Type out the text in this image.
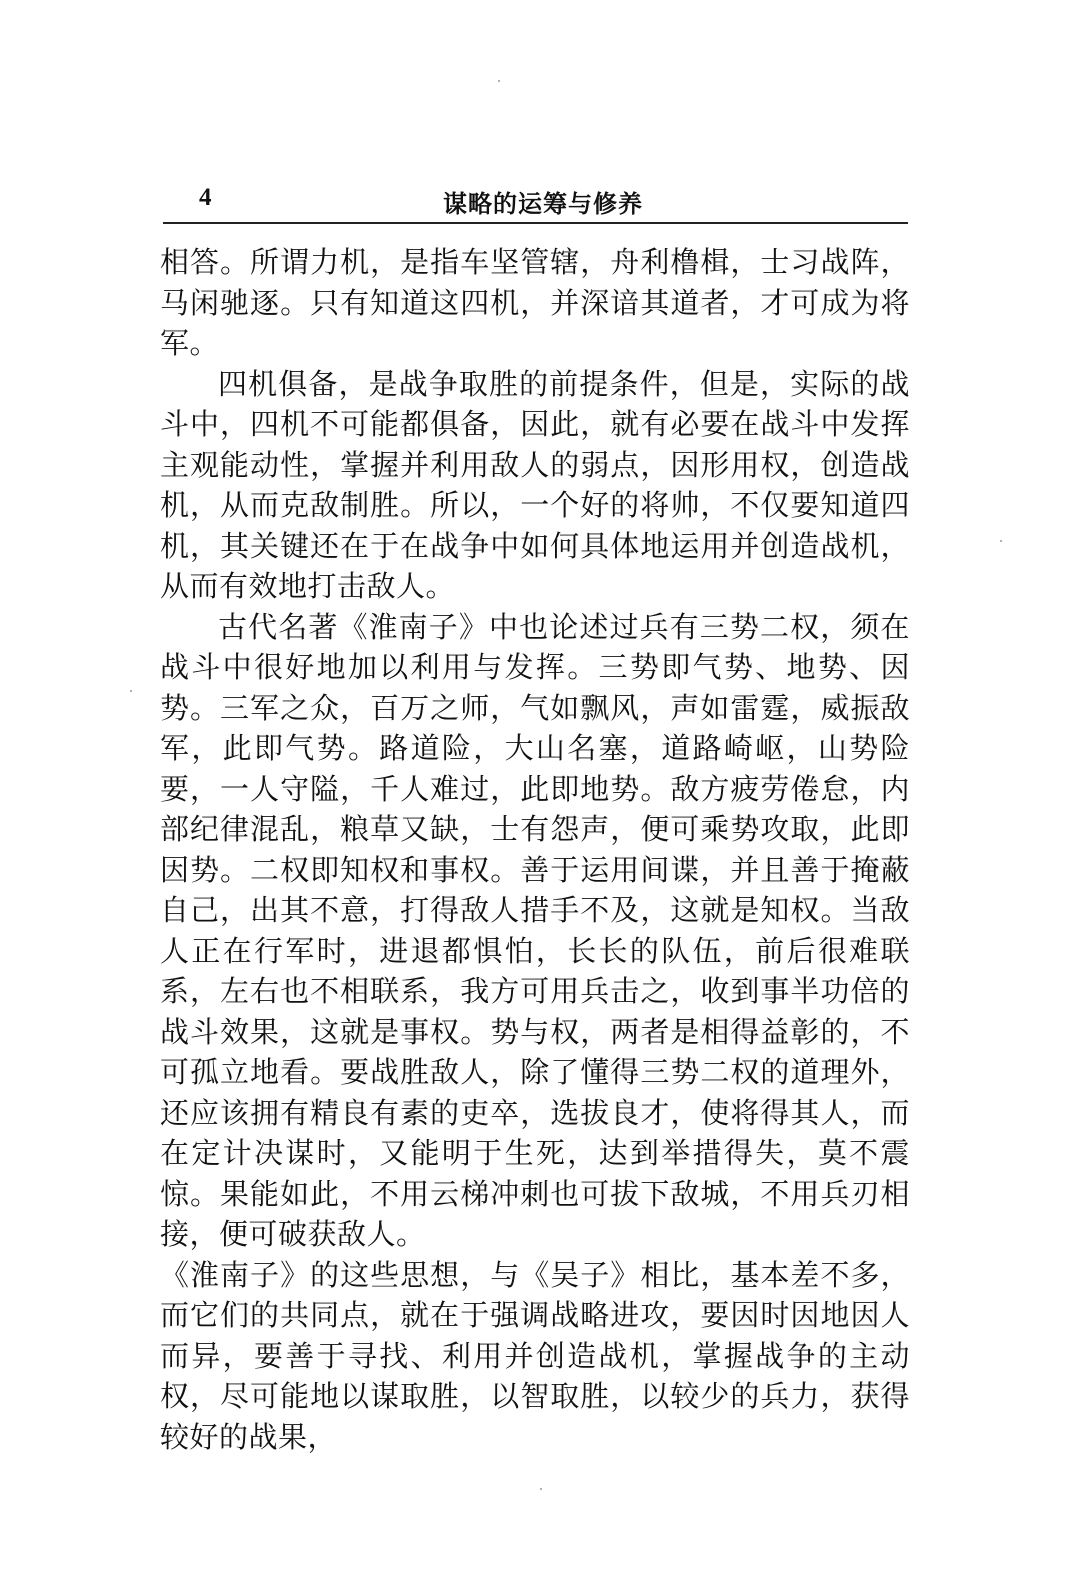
4	谋略的运筹与修养

相答。所谓力机，是指车坚管辖，舟利橹楫，士习战阵，马闲驰逐。只有知道这四机，并深谙其道者，才可成为将军。

四机俱备，是战争取胜的前提条件，但是，实际的战斗中，四机不可能都俱备，因此，就有必要在战斗中发挥主观能动性，掌握并利用敌人的弱点，因形用权，创造战机，从而克敌制胜。所以，一个好的将帅，不仅要知道四机，其关键还在于在战争中如何具体地运用并创造战机，从而有效地打击敌人。

古代名著《淮南子》中也论述过兵有三势二权，须在战斗中很好地加以利用与发挥。三势即气势、地势、因势。三军之众，百万之师，气如飘风，声如雷霆，威振敌军，此即气势。路道险，大山名塞，道路崎岖，山势险要，一人守隘，千人难过，此即地势。敌方疲劳倦怠，内部纪律混乱，粮草又缺，士有怨声，便可乘势攻取，此即因势。二权即知权和事权。善于运用间谍，并且善于掩蔽自己，出其不意，打得敌人措手不及，这就是知权。当敌人正在行军时，进退都惧怕，长长的队伍，前后很难联系，左右也不相联系，我方可用兵击之，收到事半功倍的战斗效果，这就是事权。势与权，两者是相得益彰的，不可孤立地看。要战胜敌人，除了懂得三势二权的道理外，还应该拥有精良有素的吏卒，选拔良才，使将得其人，而在定计决谋时，又能明于生死，达到举措得失，莫不震惊。果能如此，不用云梯冲刺也可拔下敌城，不用兵刃相接，便可破获敌人。

《淮南子》的这些思想，与《吴子》相比，基本差不多，而它们的共同点，就在于强调战略进攻，要因时因地因人而异，要善于寻找、利用并创造战机，掌握战争的主动权，尽可能地以谋取胜，以智取胜，以较少的兵力，获得较好的战果，
